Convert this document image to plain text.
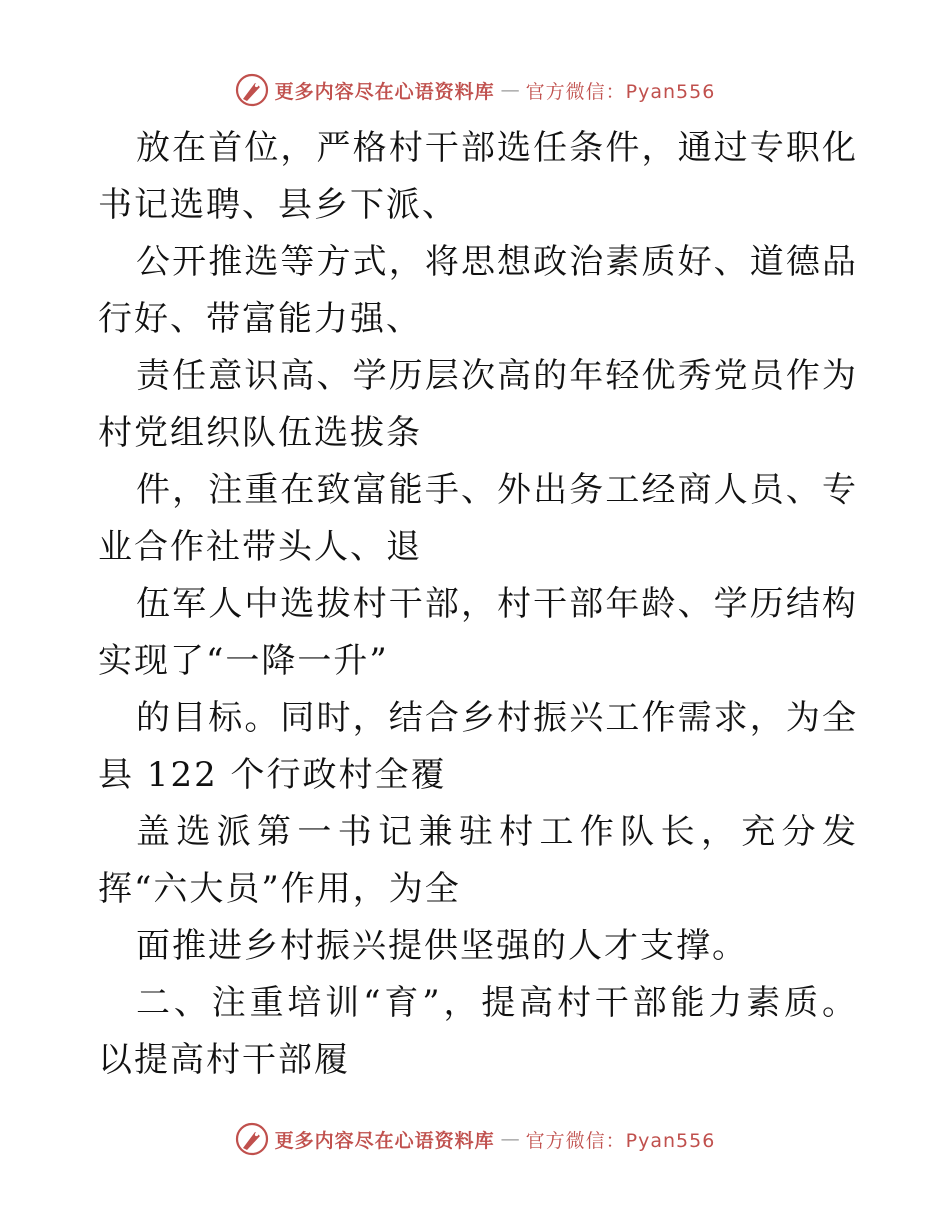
更多内容尽在心语资料库 — 官方微信：Pyan556

放在首位，严格村干部选任条件，通过专职化书记选聘、县乡下派、

公开推选等方式，将思想政治素质好、道德品行好、带富能力强、

责任意识高、学历层次高的年轻优秀党员作为村党组织队伍选拔条

件，注重在致富能手、外出务工经商人员、专业合作社带头人、退

伍军人中选拔村干部，村干部年龄、学历结构实现了“一降一升”

的目标。同时，结合乡村振兴工作需求，为全县 122 个行政村全覆

盖选派第一书记兼驻村工作队长，充分发挥“六大员”作用，为全

面推进乡村振兴提供坚强的人才支撑。

二、注重培训“育”，提高村干部能力素质。以提高村干部履

更多内容尽在心语资料库 — 官方微信：Pyan556
